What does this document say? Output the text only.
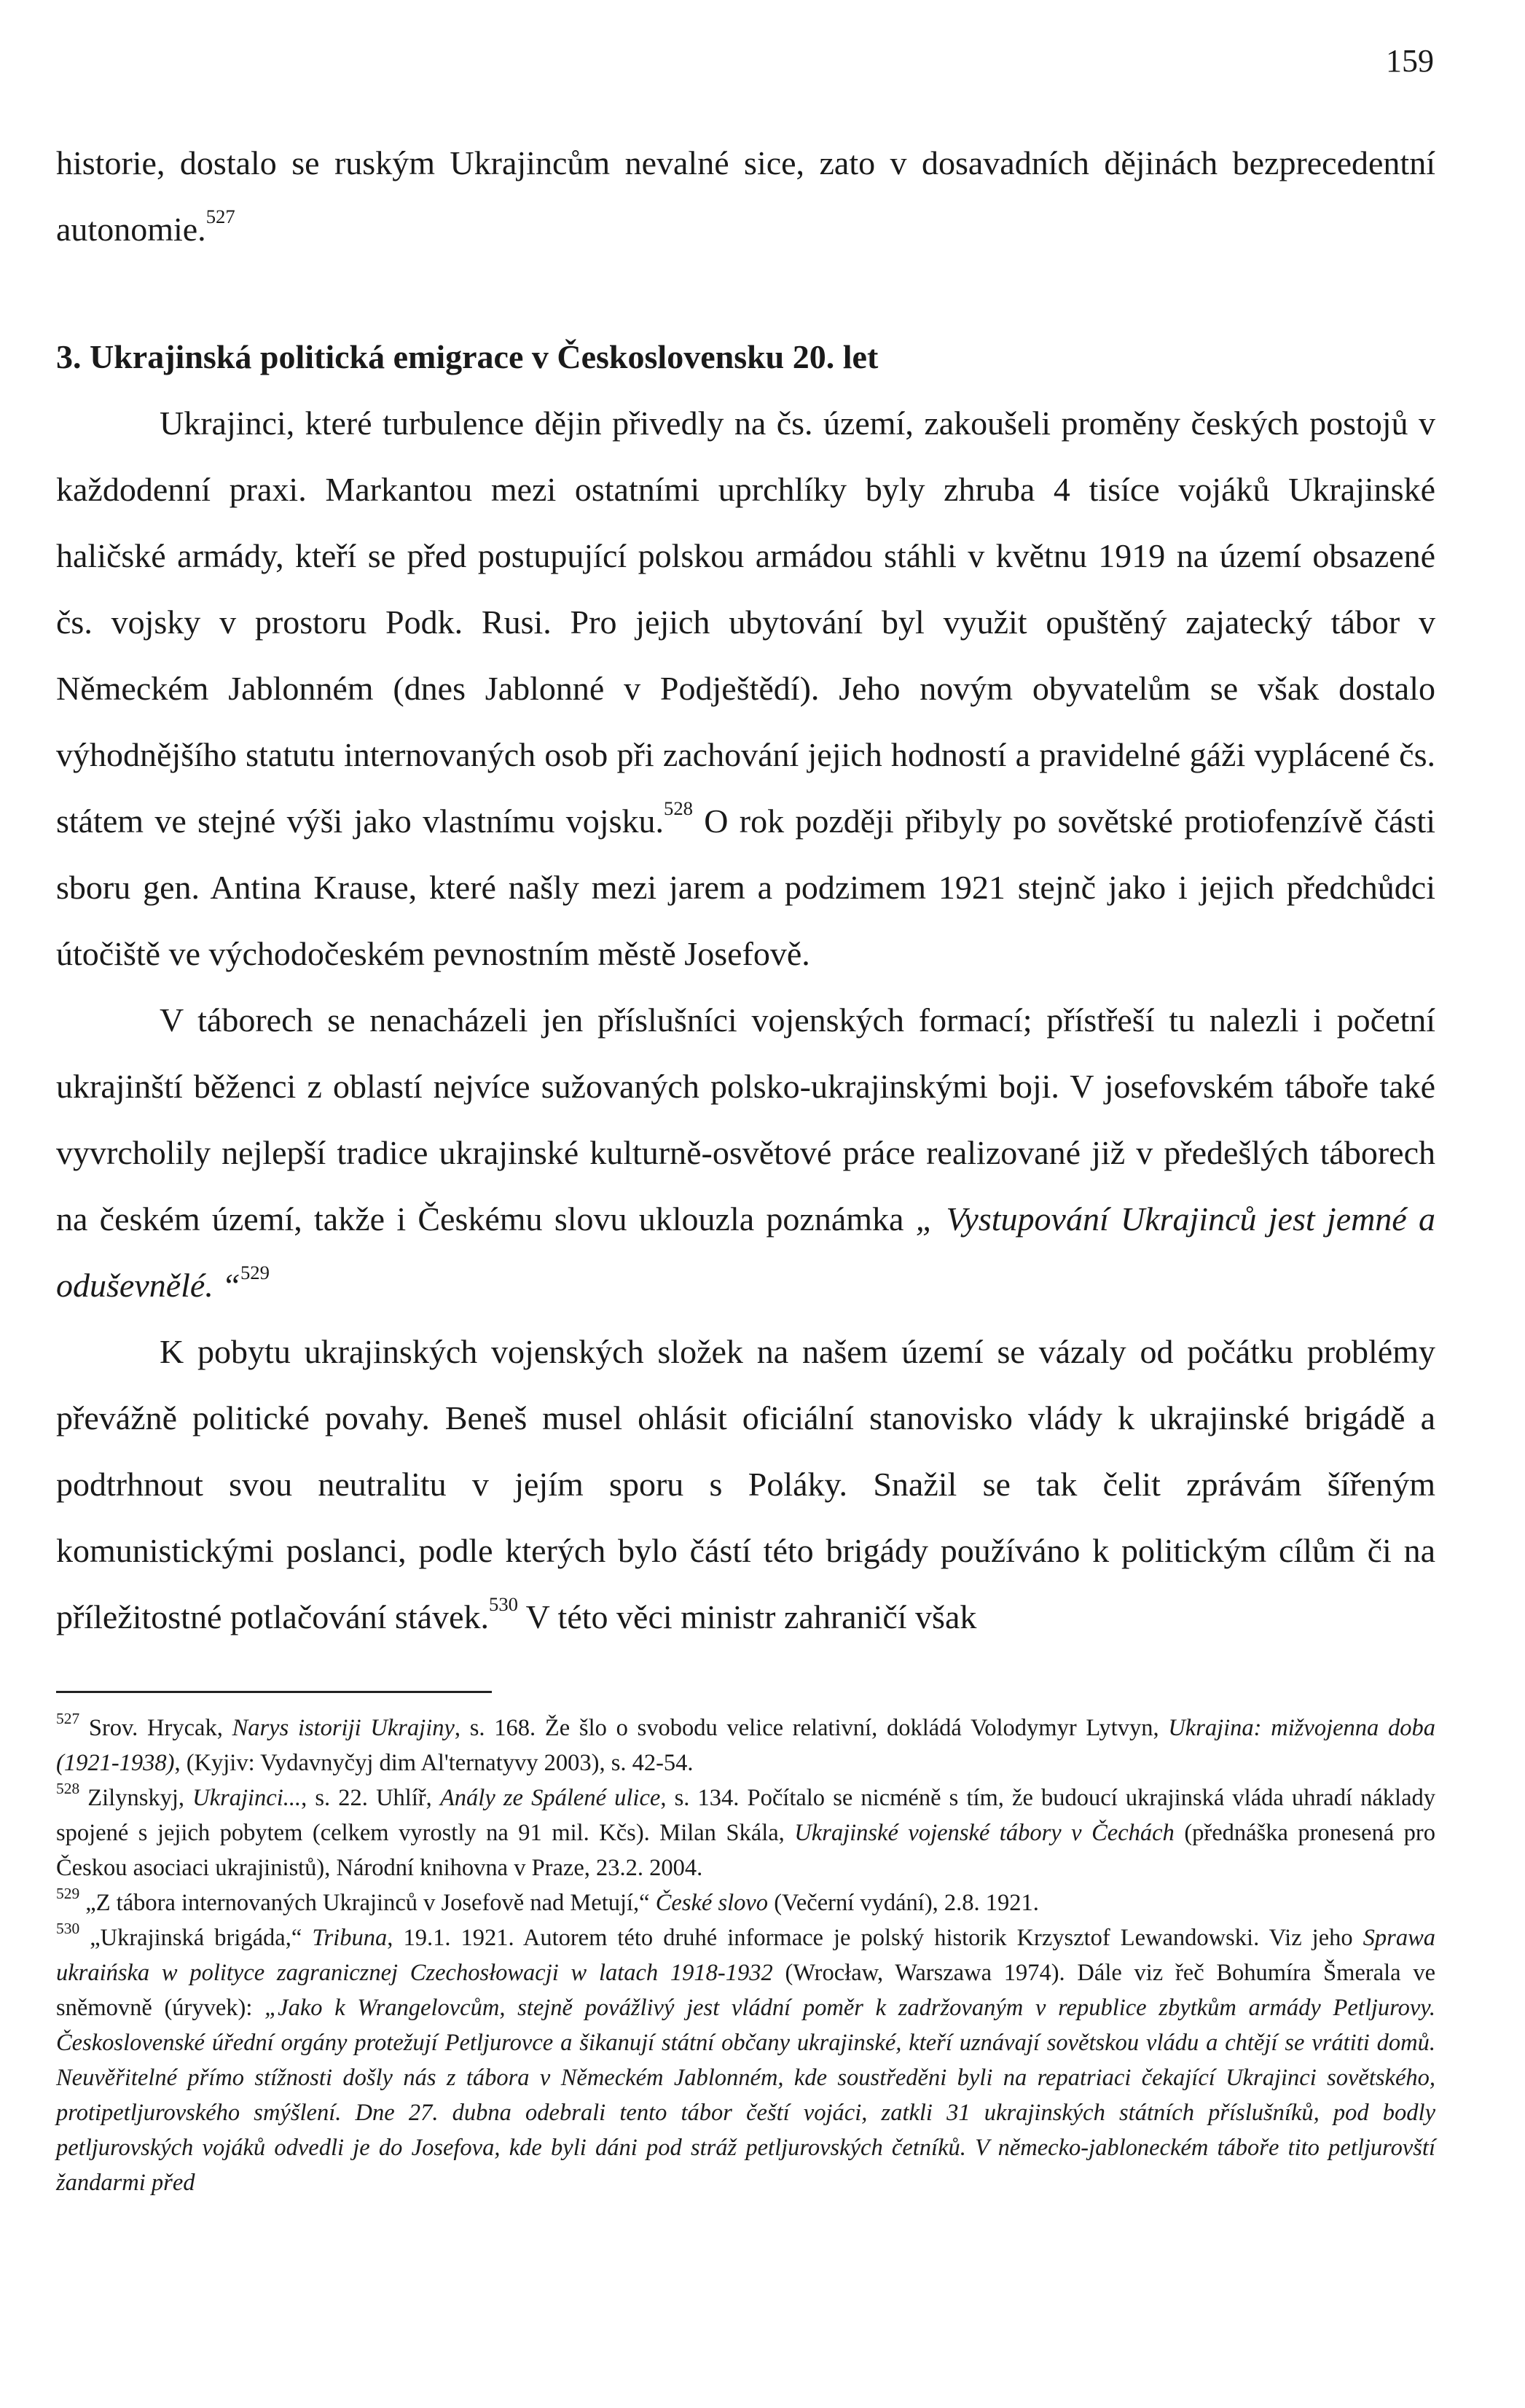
159

historie, dostalo se ruským Ukrajincům nevalné sice, zato v dosavadních dějinách bezprecedentní autonomie.$^{527}$

3. Ukrajinská politická emigrace v Československu 20. let

Ukrajinci, které turbulence dějin přivedly na čs. území, zakoušeli proměny českých postojů v každodenní praxi. Markantou mezi ostatními uprchlíky byly zhruba 4 tisíce vojáků Ukrajinské haličské armády, kteří se před postupující polskou armádou stáhli v květnu 1919 na území obsazené čs. vojsky v prostoru Podk. Rusi. Pro jejich ubytování byl využit opuštěný zajatecký tábor v Německém Jablonném (dnes Jablonné v Podještědí). Jeho novým obyvatelům se však dostalo výhodnějšího statutu internovaných osob při zachování jejich hodností a pravidelné gáži vyplácené čs. státem ve stejné výši jako vlastnímu vojsku.$^{528}$ O rok později přibyly po sovětské protiofenzívě části sboru gen. Antina Krause, které našly mezi jarem a podzimem 1921 stejnč jako i jejich předchůdci útočiště ve východočeském pevnostním městě Josefově.

V táborech se nenacházeli jen příslušníci vojenských formací; přístřeší tu nalezli i početní ukrajinští běženci z oblastí nejvíce sužovaných polsko-ukrajinskými boji. V josefovském táboře také vyvrcholily nejlepší tradice ukrajinské kulturně-osvětové práce realizované již v předešlých táborech na českém území, takže i Českému slovu uklouzla poznámka „ Vystupování Ukrajinců jest jemné a oduševnělé. “$^{529}$

K pobytu ukrajinských vojenských složek na našem území se vázaly od počátku problémy převážně politické povahy. Beneš musel ohlásit oficiální stanovisko vlády k ukrajinské brigádě a podtrhnout svou neutralitu v jejím sporu s Poláky. Snažil se tak čelit zprávám šířeným komunistickými poslanci, podle kterých bylo částí této brigády používáno k politickým cílům či na příležitostné potlačování stávek.$^{530}$ V této věci ministr zahraničí však

$^{527}$ Srov. Hrycak, Narys istoriji Ukrajiny, s. 168. Že šlo o svobodu velice relativní, dokládá Volodymyr Lytvyn, Ukrajina: mižvojenna doba (1921-1938), (Kyjiv: Vydavnyčyj dim Al'ternatyvy 2003), s. 42-54.

$^{528}$ Zilynskyj, Ukrajinci..., s. 22. Uhlíř, Anály ze Spálené ulice, s. 134. Počítalo se nicméně s tím, že budoucí ukrajinská vláda uhradí náklady spojené s jejich pobytem (celkem vyrostly na 91 mil. Kčs). Milan Skála, Ukrajinské vojenské tábory v Čechách (přednáška pronesená pro Českou asociaci ukrajinistů), Národní knihovna v Praze, 23.2. 2004.

$^{529}$ „Z tábora internovaných Ukrajinců v Josefově nad Metují,“ České slovo (Večerní vydání), 2.8. 1921.

$^{530}$ „Ukrajinská brigáda,“ Tribuna, 19.1. 1921. Autorem této druhé informace je polský historik Krzysztof Lewandowski. Viz jeho Sprawa ukraińska w polityce zagranicznej Czechosłowacji w latach 1918-1932 (Wrocław, Warszawa 1974). Dále viz řeč Bohumíra Šmerala ve sněmovně (úryvek): „Jako k Wrangelovcům, stejně povážlivý jest vládní poměr k zadržovaným v republice zbytkům armády Petljurovy. Československé úřední orgány protežují Petljurovce a šikanují státní občany ukrajinské, kteří uznávají sovětskou vládu a chtějí se vrátiti domů. Neuvěřitelné přímo stížnosti došly nás z tábora v Německém Jablonném, kde soustředěni byli na repatriaci čekající Ukrajinci sovětského, protipetljurovského smýšlení. Dne 27. dubna odebrali tento tábor čeští vojáci, zatkli 31 ukrajinských státních příslušníků, pod bodly petljurovských vojáků odvedli je do Josefova, kde byli dáni pod stráž petljurovských četníků. V německo-jabloneckém táboře tito petljurovští žandarmi před
